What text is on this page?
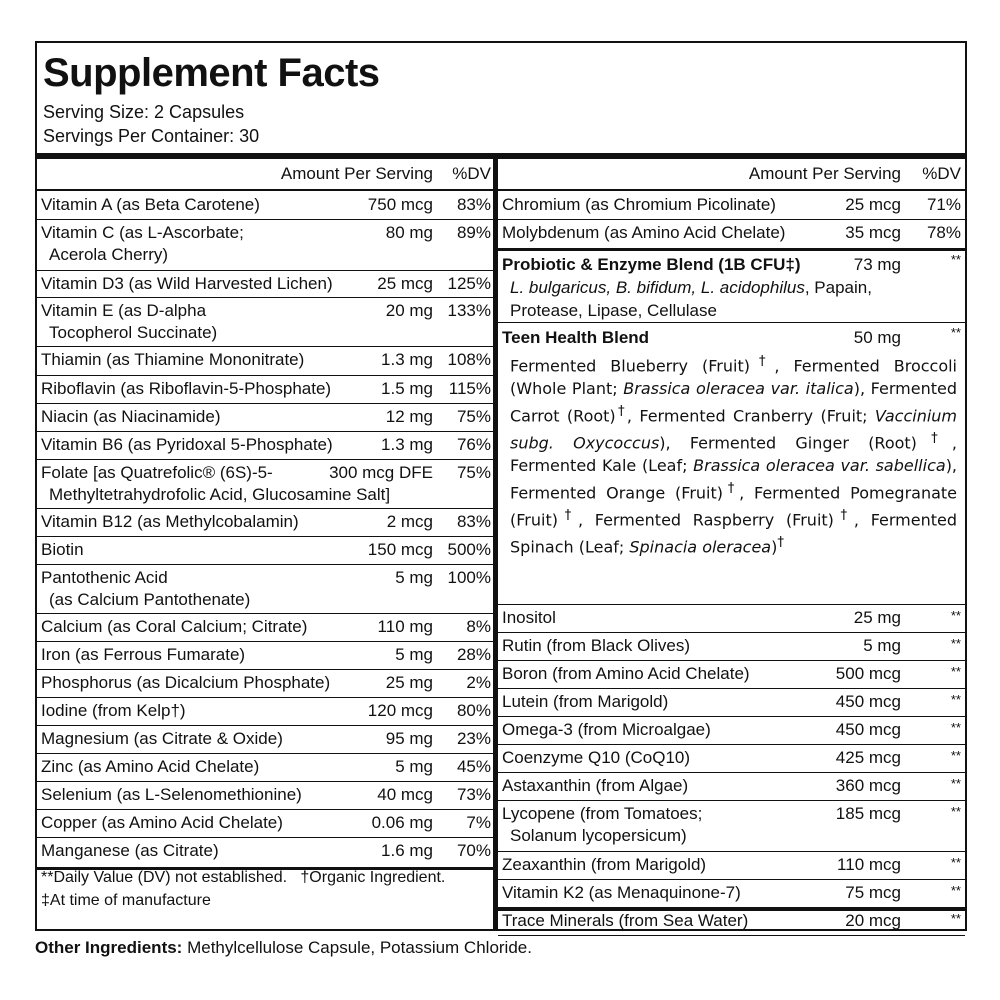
Supplement Facts
Serving Size: 2 Capsules
Servings Per Container: 30
Amount Per Serving %DV
Vitamin A (as Beta Carotene)	750 mcg 83%
Vitamin C (as L-Ascorbate;
Acerola Cherry)
80 mg 89%
Vitamin D3 (as Wild Harvested Lichen)	25 mcg 125%
Vitamin E (as D-alpha
Tocopherol Succinate)
20 mg 133%
Thiamin (as Thiamine Mononitrate)	1.3 mg 108%
Riboflavin (as Riboflavin-5-Phosphate)	1.5 mg 115%
Niacin (as Niacinamide)	12 mg 75%
Vitamin B6 (as Pyridoxal 5-Phosphate)	1.3 mg 76%
Folate [as Quatrefolic® (6S)-5-
Methyltetrahydrofolic Acid, Glucosamine Salt]
300 mcg DFE 75%
Vitamin B12 (as Methylcobalamin)	2 mcg 83%
Biotin	150 mcg 500%
Pantothenic Acid
(as Calcium Pantothenate)
5 mg 100%
Calcium (as Coral Calcium; Citrate)	110 mg 8%
Iron (as Ferrous Fumarate)	5 mg 28%
Phosphorus (as Dicalcium Phosphate)	25 mg 2%
Iodine (from Kelp†)	120 mcg 80%
Magnesium (as Citrate & Oxide)	95 mg 23%
Zinc (as Amino Acid Chelate)	5 mg 45%
Selenium (as L-Selenomethionine)	40 mcg 73%
Copper (as Amino Acid Chelate)	0.06 mg 7%
Manganese (as Citrate)	1.6 mg 70%
**Daily Value (DV) not established. †Organic Ingredient.
‡At time of manufacture
Amount Per Serving %DV
Chromium (as Chromium Picolinate)	25 mcg 71%
Molybdenum (as Amino Acid Chelate)	35 mcg 78%
Probiotic & Enzyme Blend (1B CFU‡)	73 mg	**
L. bulgaricus, B. bifidum, L. acidophilus, Papain,
Protease, Lipase, Cellulase
Teen Health Blend	50 mg	**
Fermented Blueberry (Fruit)†, Fermented Broccoli (Whole Plant; Brassica oleracea var. italica), Fermented Carrot (Root)†, Fermented Cranberry (Fruit; Vaccinium subg. Oxycoccus), Fermented Ginger (Root)†, Fermented Kale (Leaf; Brassica oleracea var. sabellica), Fermented Orange (Fruit)†, Fermented Pomegranate (Fruit)†, Fermented Raspberry (Fruit)†, Fermented Spinach (Leaf; Spinacia oleracea)†
Inositol	25 mg	**
Rutin (from Black Olives)	5 mg	**
Boron (from Amino Acid Chelate)	500 mcg	**
Lutein (from Marigold)	450 mcg	**
Omega-3 (from Microalgae)	450 mcg	**
Coenzyme Q10 (CoQ10)	425 mcg	**
Astaxanthin (from Algae)	360 mcg	**
Lycopene (from Tomatoes;
Solanum lycopersicum)
185 mcg	**
Zeaxanthin (from Marigold)	110 mcg	**
Vitamin K2 (as Menaquinone-7)	75 mcg	**
Trace Minerals (from Sea Water)	20 mcg	**
Other Ingredients: Methylcellulose Capsule, Potassium Chloride.
